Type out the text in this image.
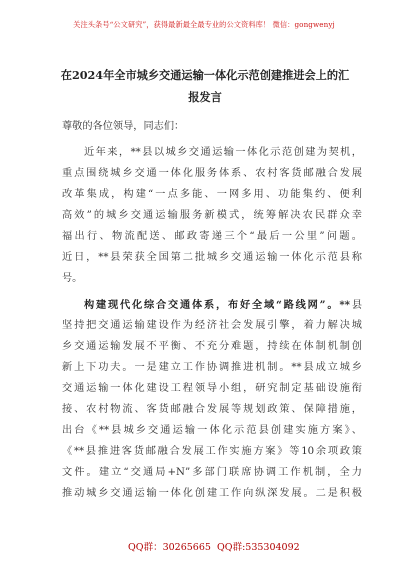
关注头条号“公文研究”，获得最新最全最专业的公文资料库！ 微信：gongwenyj
在2024年全市城乡交通运输一体化示范创建推进会上的汇
报发言
尊敬的各位领导，同志们：
近年来，**县以城乡交通运输一体化示范创建为契机，
重点围绕城乡交通一体化服务体系、农村客货邮融合发展
改革集成，构建“一点多能、一网多用、功能集约、便利
高效”的城乡交通运输服务新模式，统筹解决农民群众幸
福出行、物流配送、邮政寄递三个“最后一公里”问题。
近日，**县荣获全国第二批城乡交通运输一体化示范县称
号。
构建现代化综合交通体系，布好全域“路线网”。**县
坚持把交通运输建设作为经济社会发展引擎，着力解决城
乡交通运输发展不平衡、不充分难题，持续在体制机制创
新上下功夫。一是建立工作协调推进机制。**县成立城乡
交通运输一体化建设工程领导小组，研究制定基础设施衔
接、农村物流、客货邮融合发展等规划政策、保障措施，
出台《**县城乡交通运输一体化示范县创建实施方案》、
《**县推进客货邮融合发展工作实施方案》等10余项政策
文件。建立“交通局+N”多部门联席协调工作机制，全力
推动城乡交通运输一体化创建工作向纵深发展。二是积极
QQ群：30265665 QQ群:535304092
